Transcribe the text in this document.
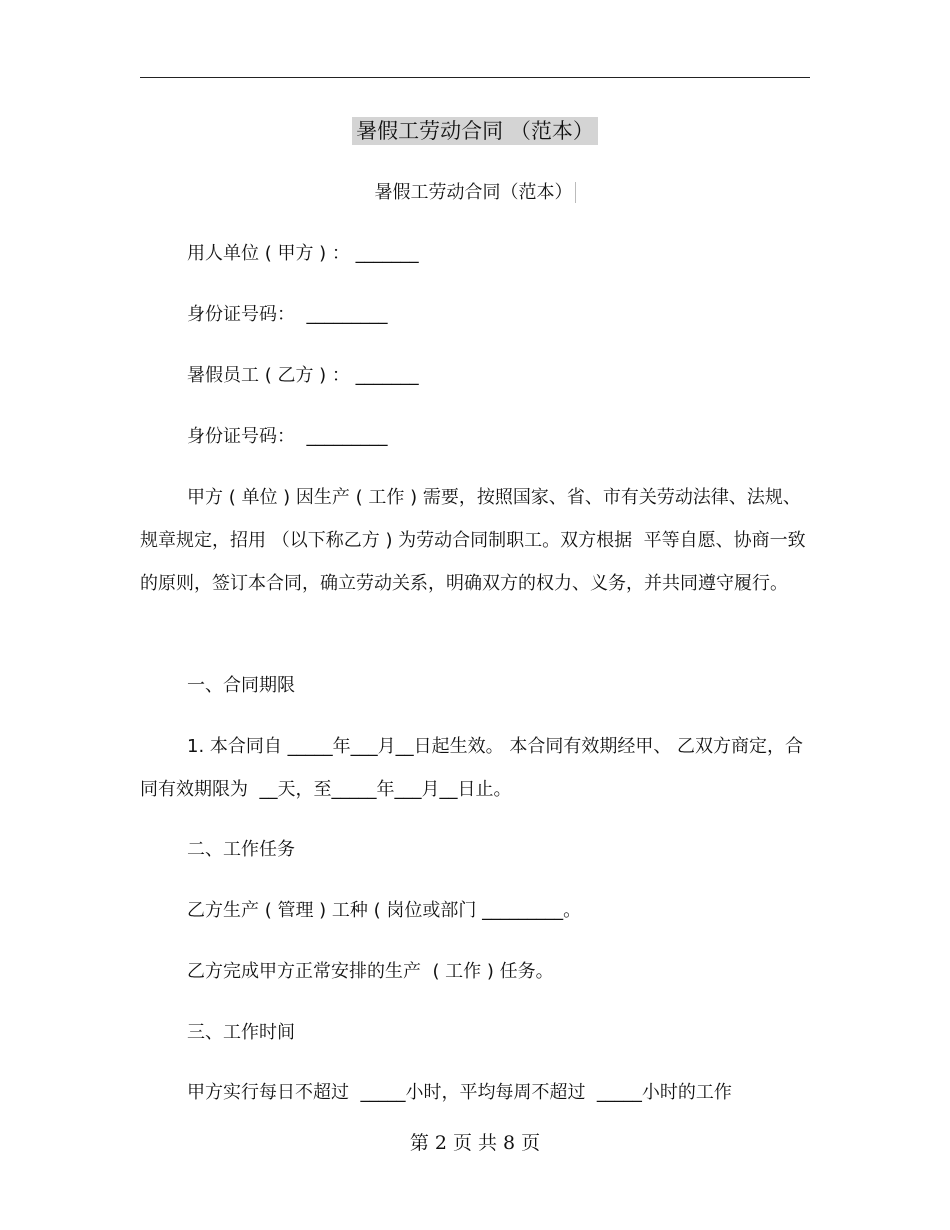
暑假工劳动合同 （范本）
暑假工劳动合同（范本）
用人单位 ( 甲方 ) ： _______
身份证号码：  _________
暑假员工 ( 乙方 ) ： _______
身份证号码：  _________
甲方 ( 单位 ) 因生产 ( 工作 ) 需要，按照国家、省、市有关劳动法律、法规、规章规定，招用 （以下称乙方 ) 为劳动合同制职工。双方根据  平等自愿、协商一致  的原则，签订本合同，确立劳动关系，明确双方的权力、义务，并共同遵守履行。
一、合同期限
1. 本合同自 _____年___月__日起生效。 本合同有效期经甲、 乙双方商定，合同有效期限为  __天，至_____年___月__日止。
二、工作任务
乙方生产 ( 管理 ) 工种 ( 岗位或部门 _________。
乙方完成甲方正常安排的生产  ( 工作 ) 任务。
三、工作时间
甲方实行每日不超过  _____小时，平均每周不超过  _____小时的工作
第 2 页 共 8 页
